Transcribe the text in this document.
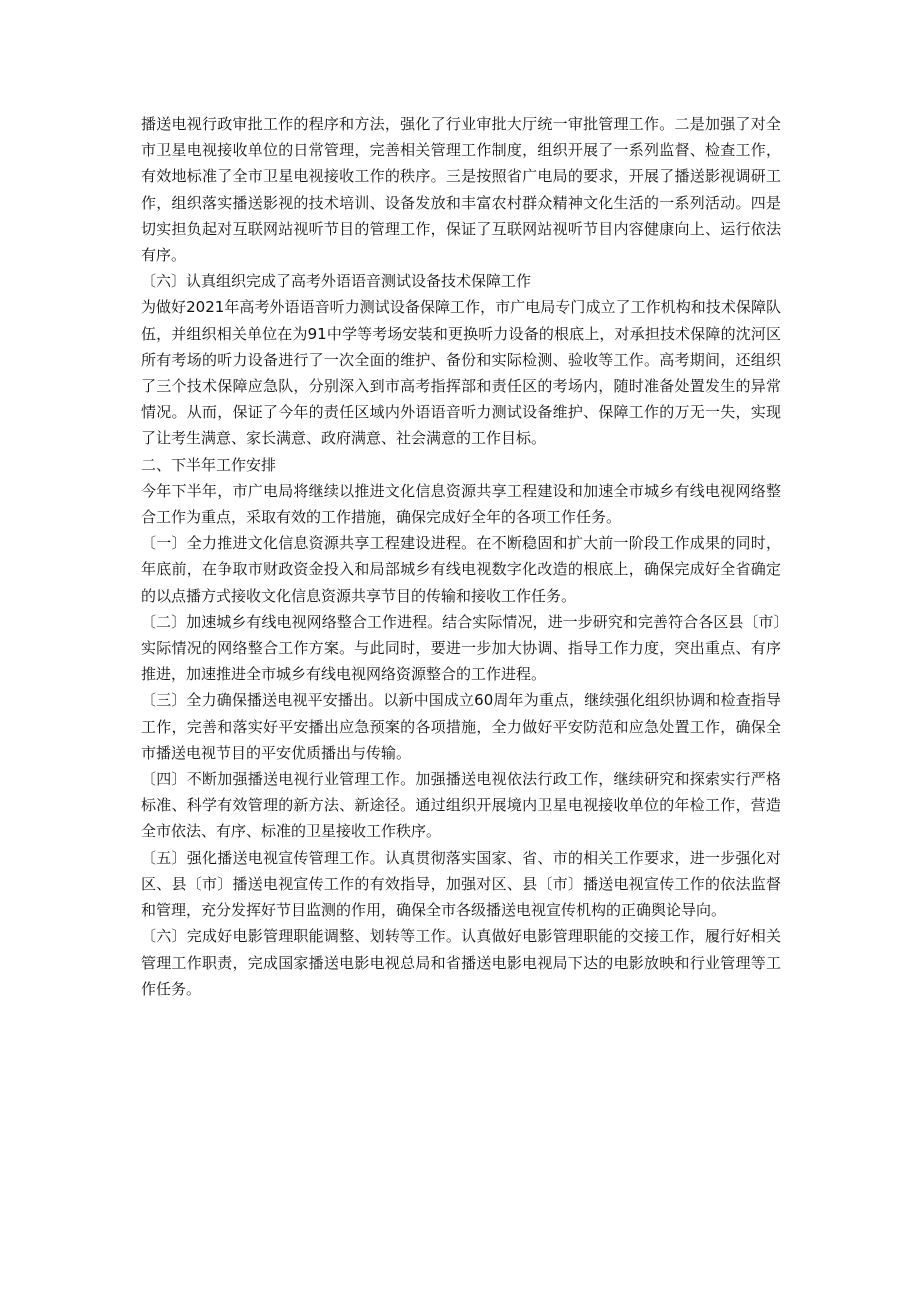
播送电视行政审批工作的程序和方法，强化了行业审批大厅统一审批管理工作。二是加强了对全市卫星电视接收单位的日常管理，完善相关管理工作制度，组织开展了一系列监督、检查工作，有效地标准了全市卫星电视接收工作的秩序。三是按照省广电局的要求，开展了播送影视调研工作，组织落实播送影视的技术培训、设备发放和丰富农村群众精神文化生活的一系列活动。四是切实担负起对互联网站视听节目的管理工作，保证了互联网站视听节目内容健康向上、运行依法有序。

〔六〕认真组织完成了高考外语语音测试设备技术保障工作

为做好2021年高考外语语音听力测试设备保障工作，市广电局专门成立了工作机构和技术保障队伍，并组织相关单位在为91中学等考场安装和更换听力设备的根底上，对承担技术保障的沈河区所有考场的听力设备进行了一次全面的维护、备份和实际检测、验收等工作。高考期间，还组织了三个技术保障应急队，分别深入到市高考指挥部和责任区的考场内，随时准备处置发生的异常情况。从而，保证了今年的责任区域内外语语音听力测试设备维护、保障工作的万无一失，实现了让考生满意、家长满意、政府满意、社会满意的工作目标。

二、下半年工作安排

今年下半年，市广电局将继续以推进文化信息资源共享工程建设和加速全市城乡有线电视网络整合工作为重点，采取有效的工作措施，确保完成好全年的各项工作任务。

〔一〕全力推进文化信息资源共享工程建设进程。在不断稳固和扩大前一阶段工作成果的同时，年底前，在争取市财政资金投入和局部城乡有线电视数字化改造的根底上，确保完成好全省确定的以点播方式接收文化信息资源共享节目的传输和接收工作任务。

〔二〕加速城乡有线电视网络整合工作进程。结合实际情况，进一步研究和完善符合各区县〔市〕实际情况的网络整合工作方案。与此同时，要进一步加大协调、指导工作力度，突出重点、有序推进，加速推进全市城乡有线电视网络资源整合的工作进程。

〔三〕全力确保播送电视平安播出。以新中国成立60周年为重点，继续强化组织协调和检查指导工作，完善和落实好平安播出应急预案的各项措施，全力做好平安防范和应急处置工作，确保全市播送电视节目的平安优质播出与传输。

〔四〕不断加强播送电视行业管理工作。加强播送电视依法行政工作，继续研究和探索实行严格标准、科学有效管理的新方法、新途径。通过组织开展境内卫星电视接收单位的年检工作，营造全市依法、有序、标准的卫星接收工作秩序。

〔五〕强化播送电视宣传管理工作。认真贯彻落实国家、省、市的相关工作要求，进一步强化对区、县〔市〕播送电视宣传工作的有效指导，加强对区、县〔市〕播送电视宣传工作的依法监督和管理，充分发挥好节目监测的作用，确保全市各级播送电视宣传机构的正确舆论导向。

〔六〕完成好电影管理职能调整、划转等工作。认真做好电影管理职能的交接工作，履行好相关管理工作职责，完成国家播送电影电视总局和省播送电影电视局下达的电影放映和行业管理等工作任务。
